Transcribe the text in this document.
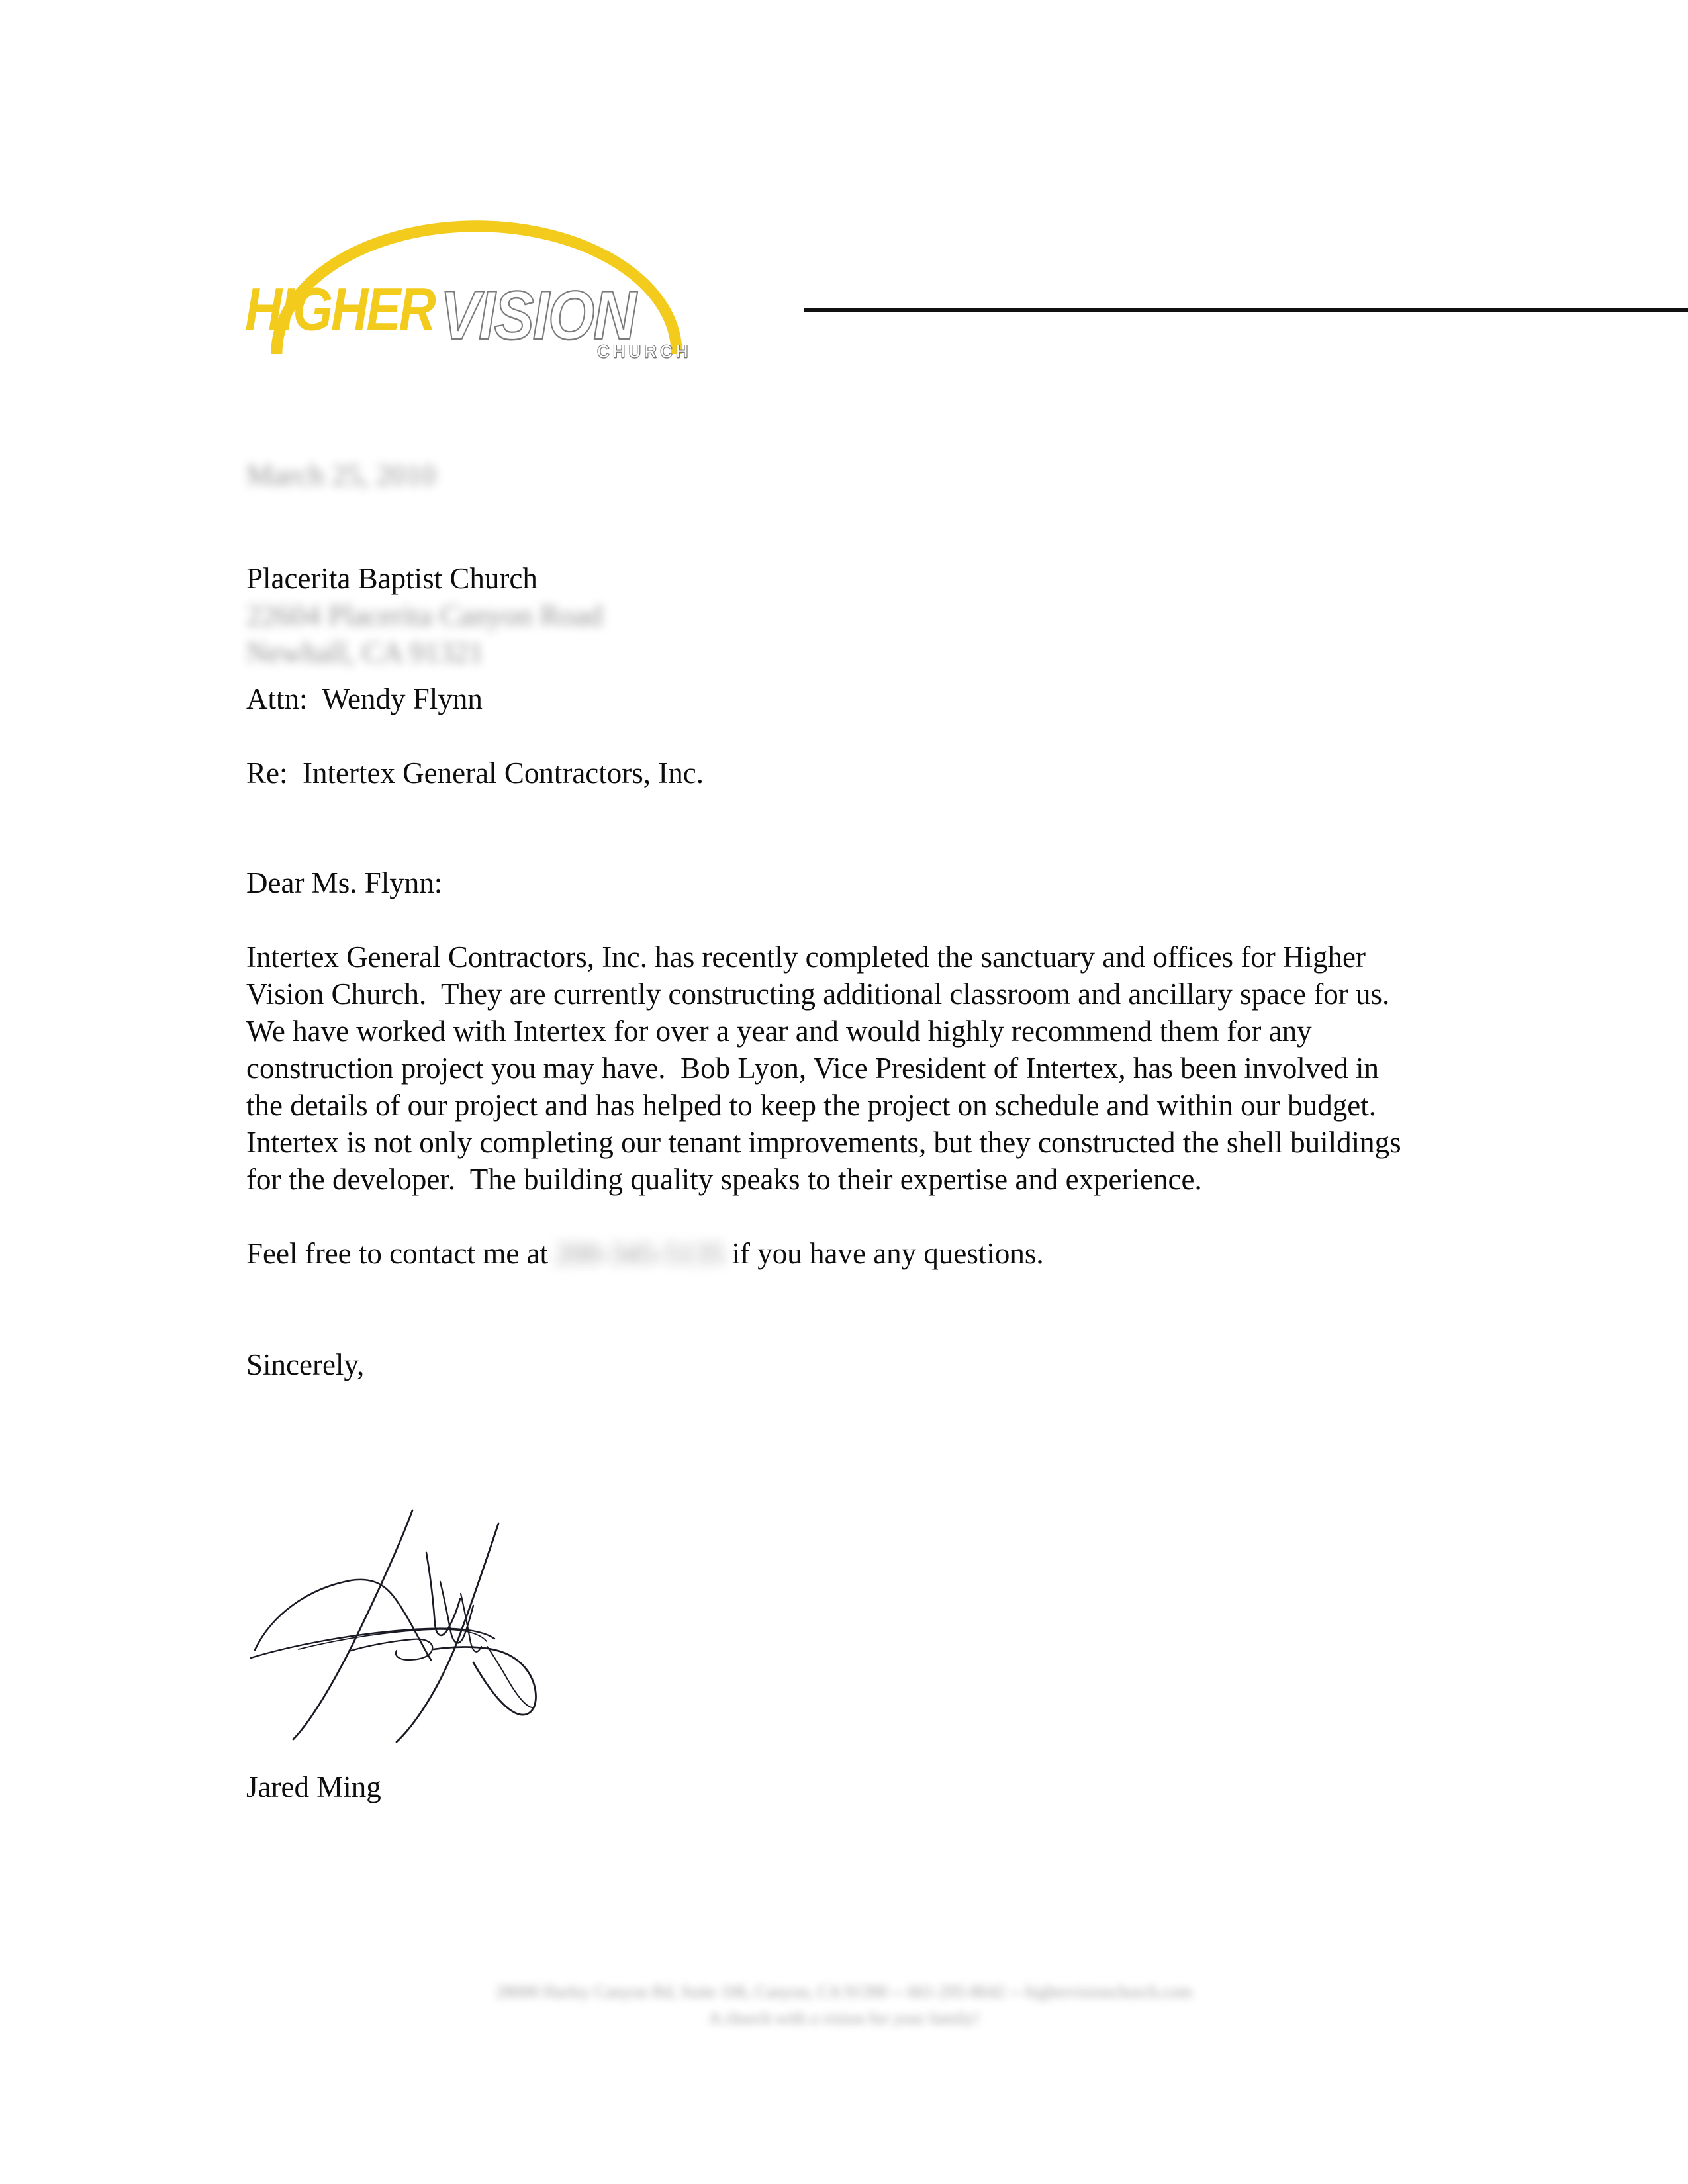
HIGHERVISION
CHURCH

March 25, 2010

Placerita Baptist Church

22604 Placerita Canyon Road

Newhall, CA 91321

Attn:  Wendy Flynn

Re:  Intertex General Contractors, Inc.

Dear Ms. Flynn:

Intertex General Contractors, Inc. has recently completed the sanctuary and offices for Higher Vision Church.  They are currently constructing additional classroom and ancillary space for us.  We have worked with Intertex for over a year and would highly recommend them for any construction project you may have.  Bob Lyon, Vice President of Intertex, has been involved in the details of our project and has helped to keep the project on schedule and within our budget.  Intertex is not only completing our tenant improvements, but they constructed the shell buildings for the developer.  The building quality speaks to their expertise and experience.

Feel free to contact me at 200-345-5135 if you have any questions.

Sincerely,

Jared Ming
28000 Harley Canyon Rd, Suite 106, Canyon, CA 91390 -- 661-295-8642 -- highervisionchurch.com
A church with a vision for your family!
